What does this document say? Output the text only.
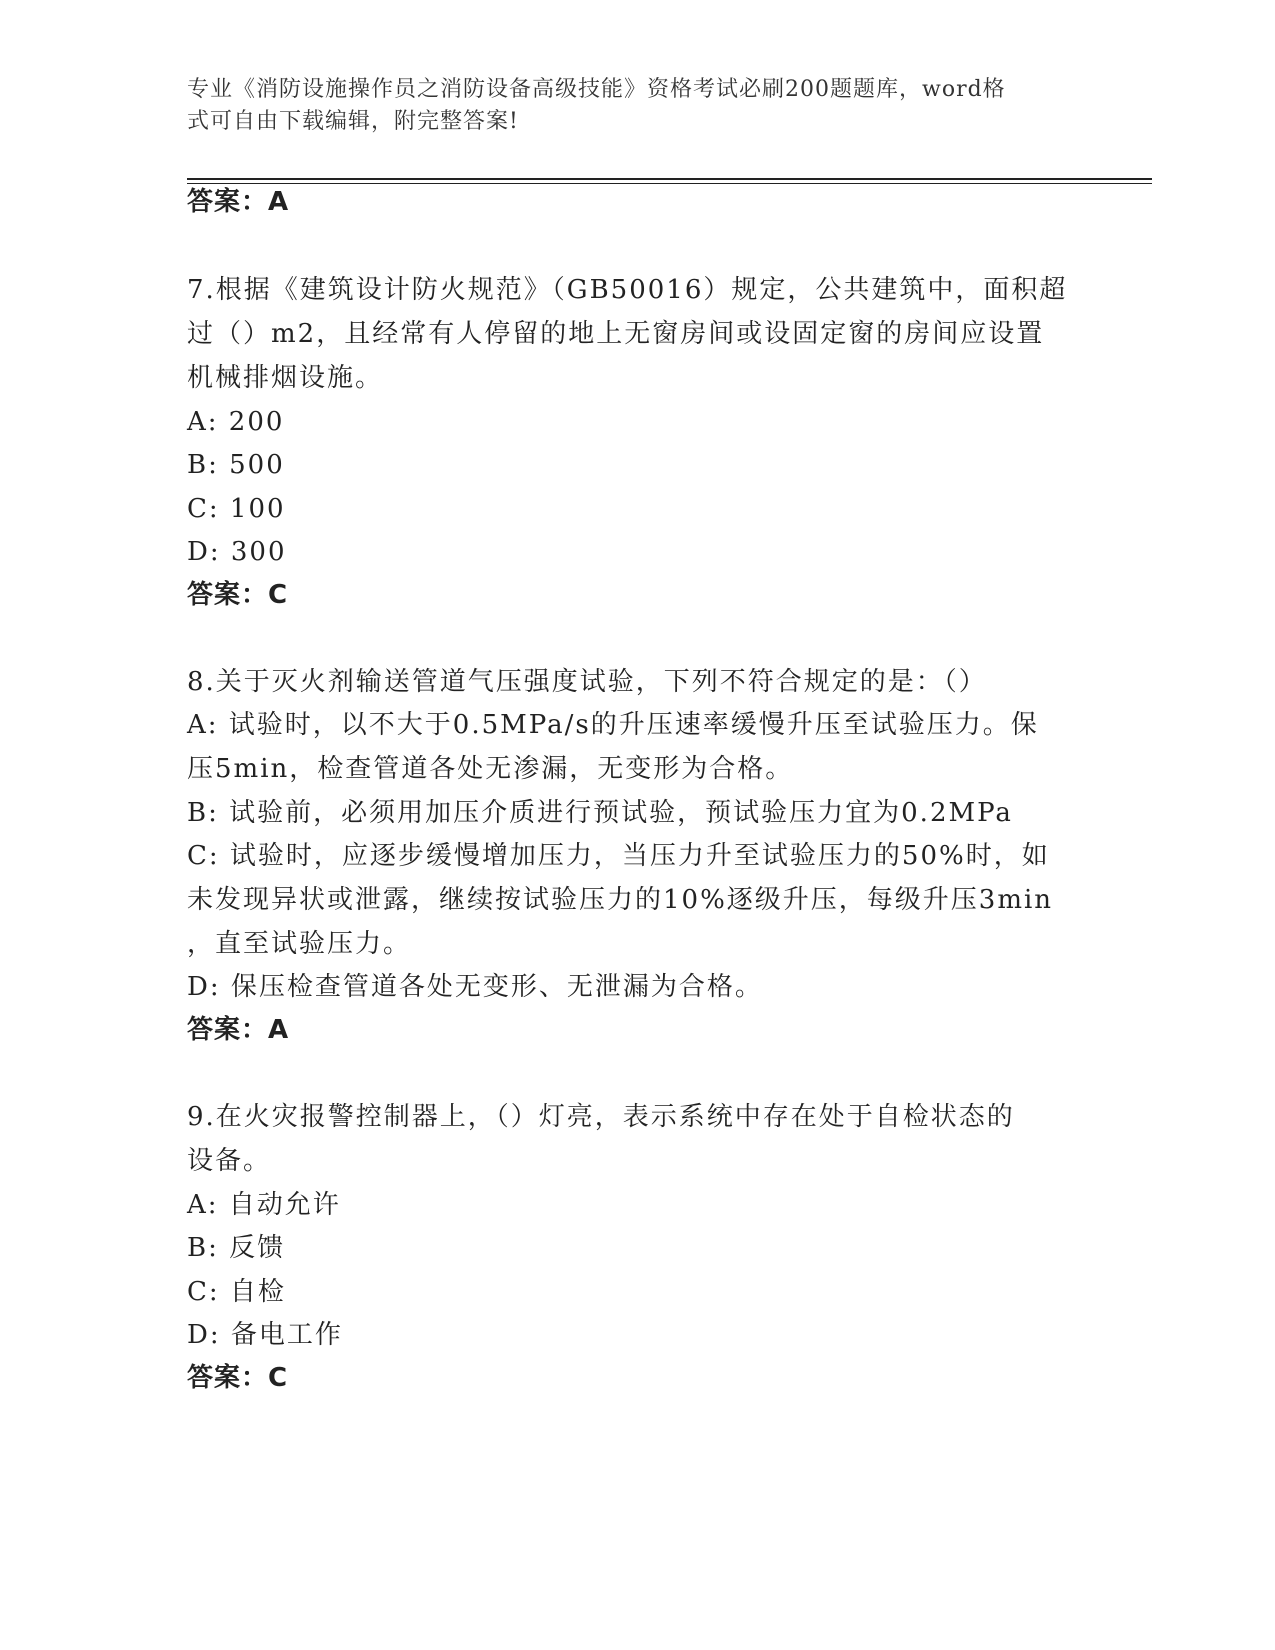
专业《消防设施操作员之消防设备高级技能》资格考试必刷200题题库，word格
式可自由下载编辑，附完整答案!
答案：A
7.根据《建筑设计防火规范》（GB50016）规定，公共建筑中，面积超
过（）m2，且经常有人停留的地上无窗房间或设固定窗的房间应设置
机械排烟设施。
A: 200
B: 500
C: 100
D: 300
答案：C
8.关于灭火剂输送管道气压强度试验，下列不符合规定的是：（）
A: 试验时，以不大于0.5MPa/s的升压速率缓慢升压至试验压力。保
压5min，检查管道各处无渗漏，无变形为合格。
B: 试验前，必须用加压介质进行预试验，预试验压力宜为0.2MPa
C: 试验时，应逐步缓慢增加压力，当压力升至试验压力的50%时，如
未发现异状或泄露，继续按试验压力的10%逐级升压，每级升压3min
，直至试验压力。
D: 保压检查管道各处无变形、无泄漏为合格。
答案：A
9.在火灾报警控制器上，（）灯亮，表示系统中存在处于自检状态的
设备。
A: 自动允许
B: 反馈
C: 自检
D: 备电工作
答案：C
